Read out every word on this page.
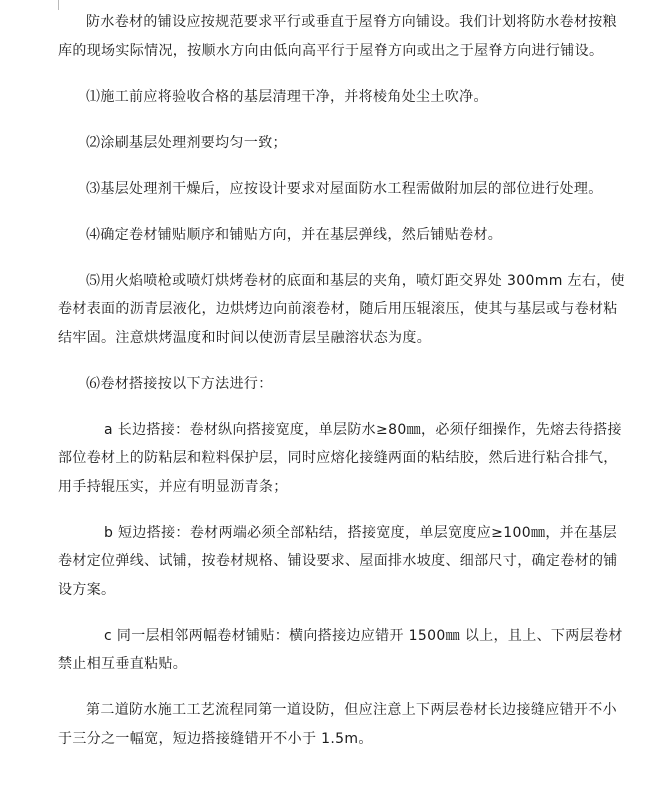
防水卷材的铺设应按规范要求平行或垂直于屋脊方向铺设。我们计划将防水卷材按粮库的现场实际情况，按顺水方向由低向高平行于屋脊方向或出之于屋脊方向进行铺设。

⑴施工前应将验收合格的基层清理干净，并将棱角处尘土吹净。

⑵涂刷基层处理剂要均匀一致；

⑶基层处理剂干燥后，应按设计要求对屋面防水工程需做附加层的部位进行处理。

⑷确定卷材铺贴顺序和铺贴方向，并在基层弹线，然后铺贴卷材。

⑸用火焰喷枪或喷灯烘烤卷材的底面和基层的夹角，喷灯距交界处 300mm 左右，使卷材表面的沥青层液化，边烘烤边向前滚卷材，随后用压辊滚压，使其与基层或与卷材粘结牢固。注意烘烤温度和时间以使沥青层呈融溶状态为度。

⑹卷材搭接按以下方法进行：

a 长边搭接：卷材纵向搭接宽度，单层防水≥80㎜，必须仔细操作，先熔去待搭接部位卷材上的防粘层和粒料保护层，同时应熔化接缝两面的粘结胶，然后进行粘合排气，用手持辊压实，并应有明显沥青条；

b 短边搭接：卷材两端必须全部粘结，搭接宽度，单层宽度应≥100㎜，并在基层卷材定位弹线、试铺，按卷材规格、铺设要求、屋面排水坡度、细部尺寸，确定卷材的铺设方案。

c 同一层相邻两幅卷材铺贴：横向搭接边应错开 1500㎜ 以上，且上、下两层卷材禁止相互垂直粘贴。

第二道防水施工工艺流程同第一道设防，但应注意上下两层卷材长边接缝应错开不小于三分之一幅宽，短边搭接缝错开不小于 1.5m。
